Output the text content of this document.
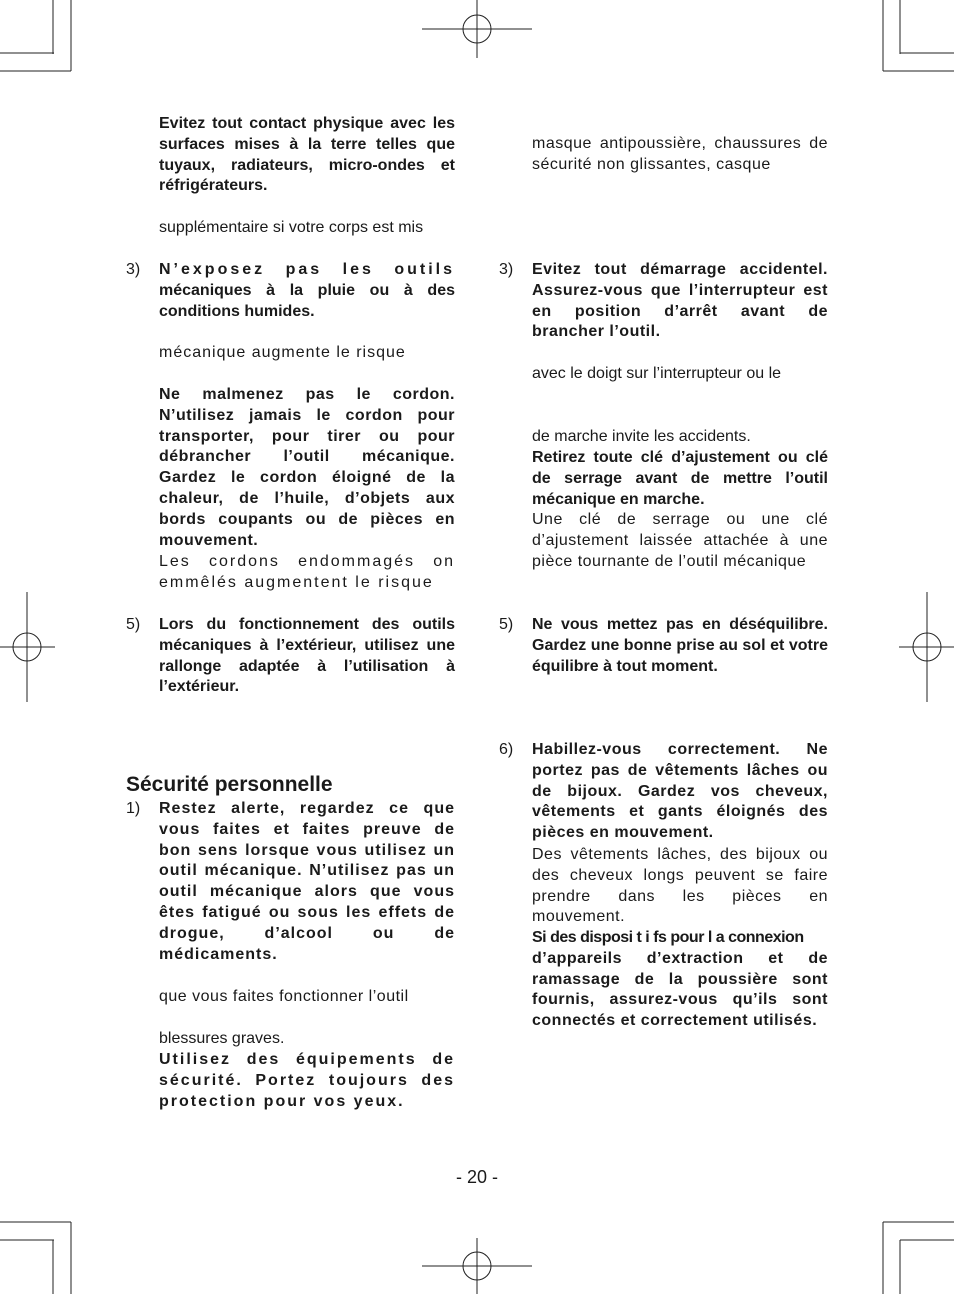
Evitez tout contact physique avec les surfaces mises à la terre telles que tuyaux, radiateurs, micro-ondes et réfrigérateurs.
supplémentaire si votre corps est mis
3)	N’exposez pas les outils
mécaniques à la pluie ou à des conditions humides.
mécanique augmente le risque
Ne malmenez pas le cordon. N’utilisez jamais le cordon pour transporter, pour tirer ou pour débrancher l’outil mécanique. Gardez le cordon éloigné de la chaleur, de l’huile, d’objets aux bords coupants ou de pièces en mouvement.
Les cordons endommagés on emmêlés augmentent le risque
5)	Lors du fonctionnement des outils mécaniques à l’extérieur, utilisez une rallonge adaptée à l’utilisation à l’extérieur.
Sécurité personnelle
1)	Restez alerte, regardez ce que vous faites et faites preuve de bon sens lorsque vous utilisez un outil mécanique. N’utilisez pas un outil mécanique alors que vous êtes fatigué ou sous les effets de drogue, d’alcool ou de médicaments.
que vous faites fonctionner l’outil
blessures graves.
Utilisez des équipements de sécurité. Portez toujours des protection pour vos yeux.
masque antipoussière, chaussures de sécurité non glissantes, casque
3)	Evitez tout démarrage accidentel. Assurez-vous que l’interrupteur est en position d’arrêt avant de brancher l’outil.
avec le doigt sur l’interrupteur ou le
de marche invite les accidents.
Retirez toute clé d’ajustement ou clé de serrage avant de mettre l’outil mécanique en marche.
Une clé de serrage ou une clé d’ajustement laissée attachée à une pièce tournante de l’outil mécanique
5)	Ne vous mettez pas en déséquilibre. Gardez une bonne prise au sol et votre équilibre à tout moment.
6)	Habillez-vous correctement. Ne portez pas de vêtements lâches ou de bijoux. Gardez vos cheveux, vêtements et gants éloignés des pièces en mouvement.
Des vêtements lâches, des bijoux ou des cheveux longs peuvent se faire prendre dans les pièces en mouvement.
Si des disposi t i fs pour l a connexion
d’appareils d’extraction et de ramassage de la poussière sont fournis, assurez-vous qu’ils sont connectés et correctement utilisés.
- 20 -
